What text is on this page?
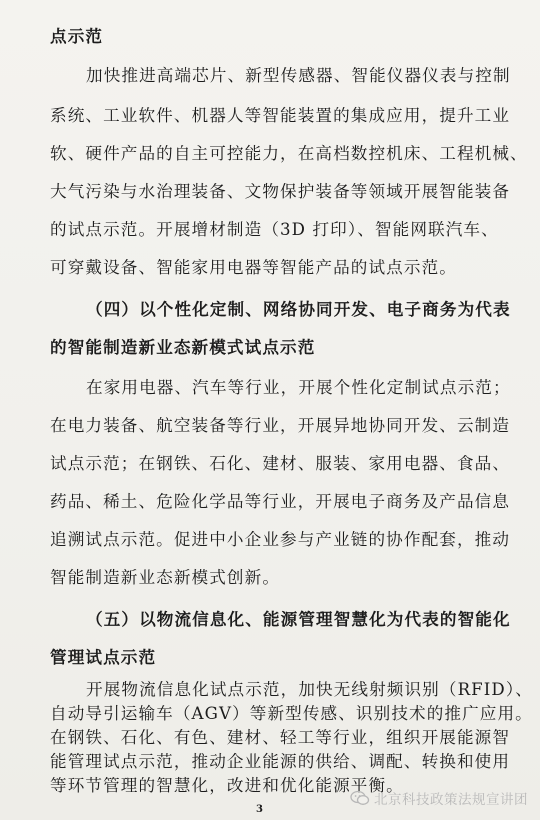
点示范
加快推进高端芯片、新型传感器、智能仪器仪表与控制
系统、工业软件、机器人等智能装置的集成应用，提升工业
软、硬件产品的自主可控能力，在高档数控机床、工程机械、
大气污染与水治理装备、文物保护装备等领域开展智能装备
的试点示范。开展增材制造（3D 打印）、智能网联汽车、
可穿戴设备、智能家用电器等智能产品的试点示范。
（四）以个性化定制、网络协同开发、电子商务为代表
的智能制造新业态新模式试点示范
在家用电器、汽车等行业，开展个性化定制试点示范；
在电力装备、航空装备等行业，开展异地协同开发、云制造
试点示范；在钢铁、石化、建材、服装、家用电器、食品、
药品、稀土、危险化学品等行业，开展电子商务及产品信息
追溯试点示范。促进中小企业参与产业链的协作配套，推动
智能制造新业态新模式创新。
（五）以物流信息化、能源管理智慧化为代表的智能化
管理试点示范
开展物流信息化试点示范，加快无线射频识别（RFID）、
自动导引运输车（AGV）等新型传感、识别技术的推广应用。
在钢铁、石化、有色、建材、轻工等行业，组织开展能源智
能管理试点示范，推动企业能源的供给、调配、转换和使用
等环节管理的智慧化，改进和优化能源平衡。
3
北京科技政策法规宣讲团
